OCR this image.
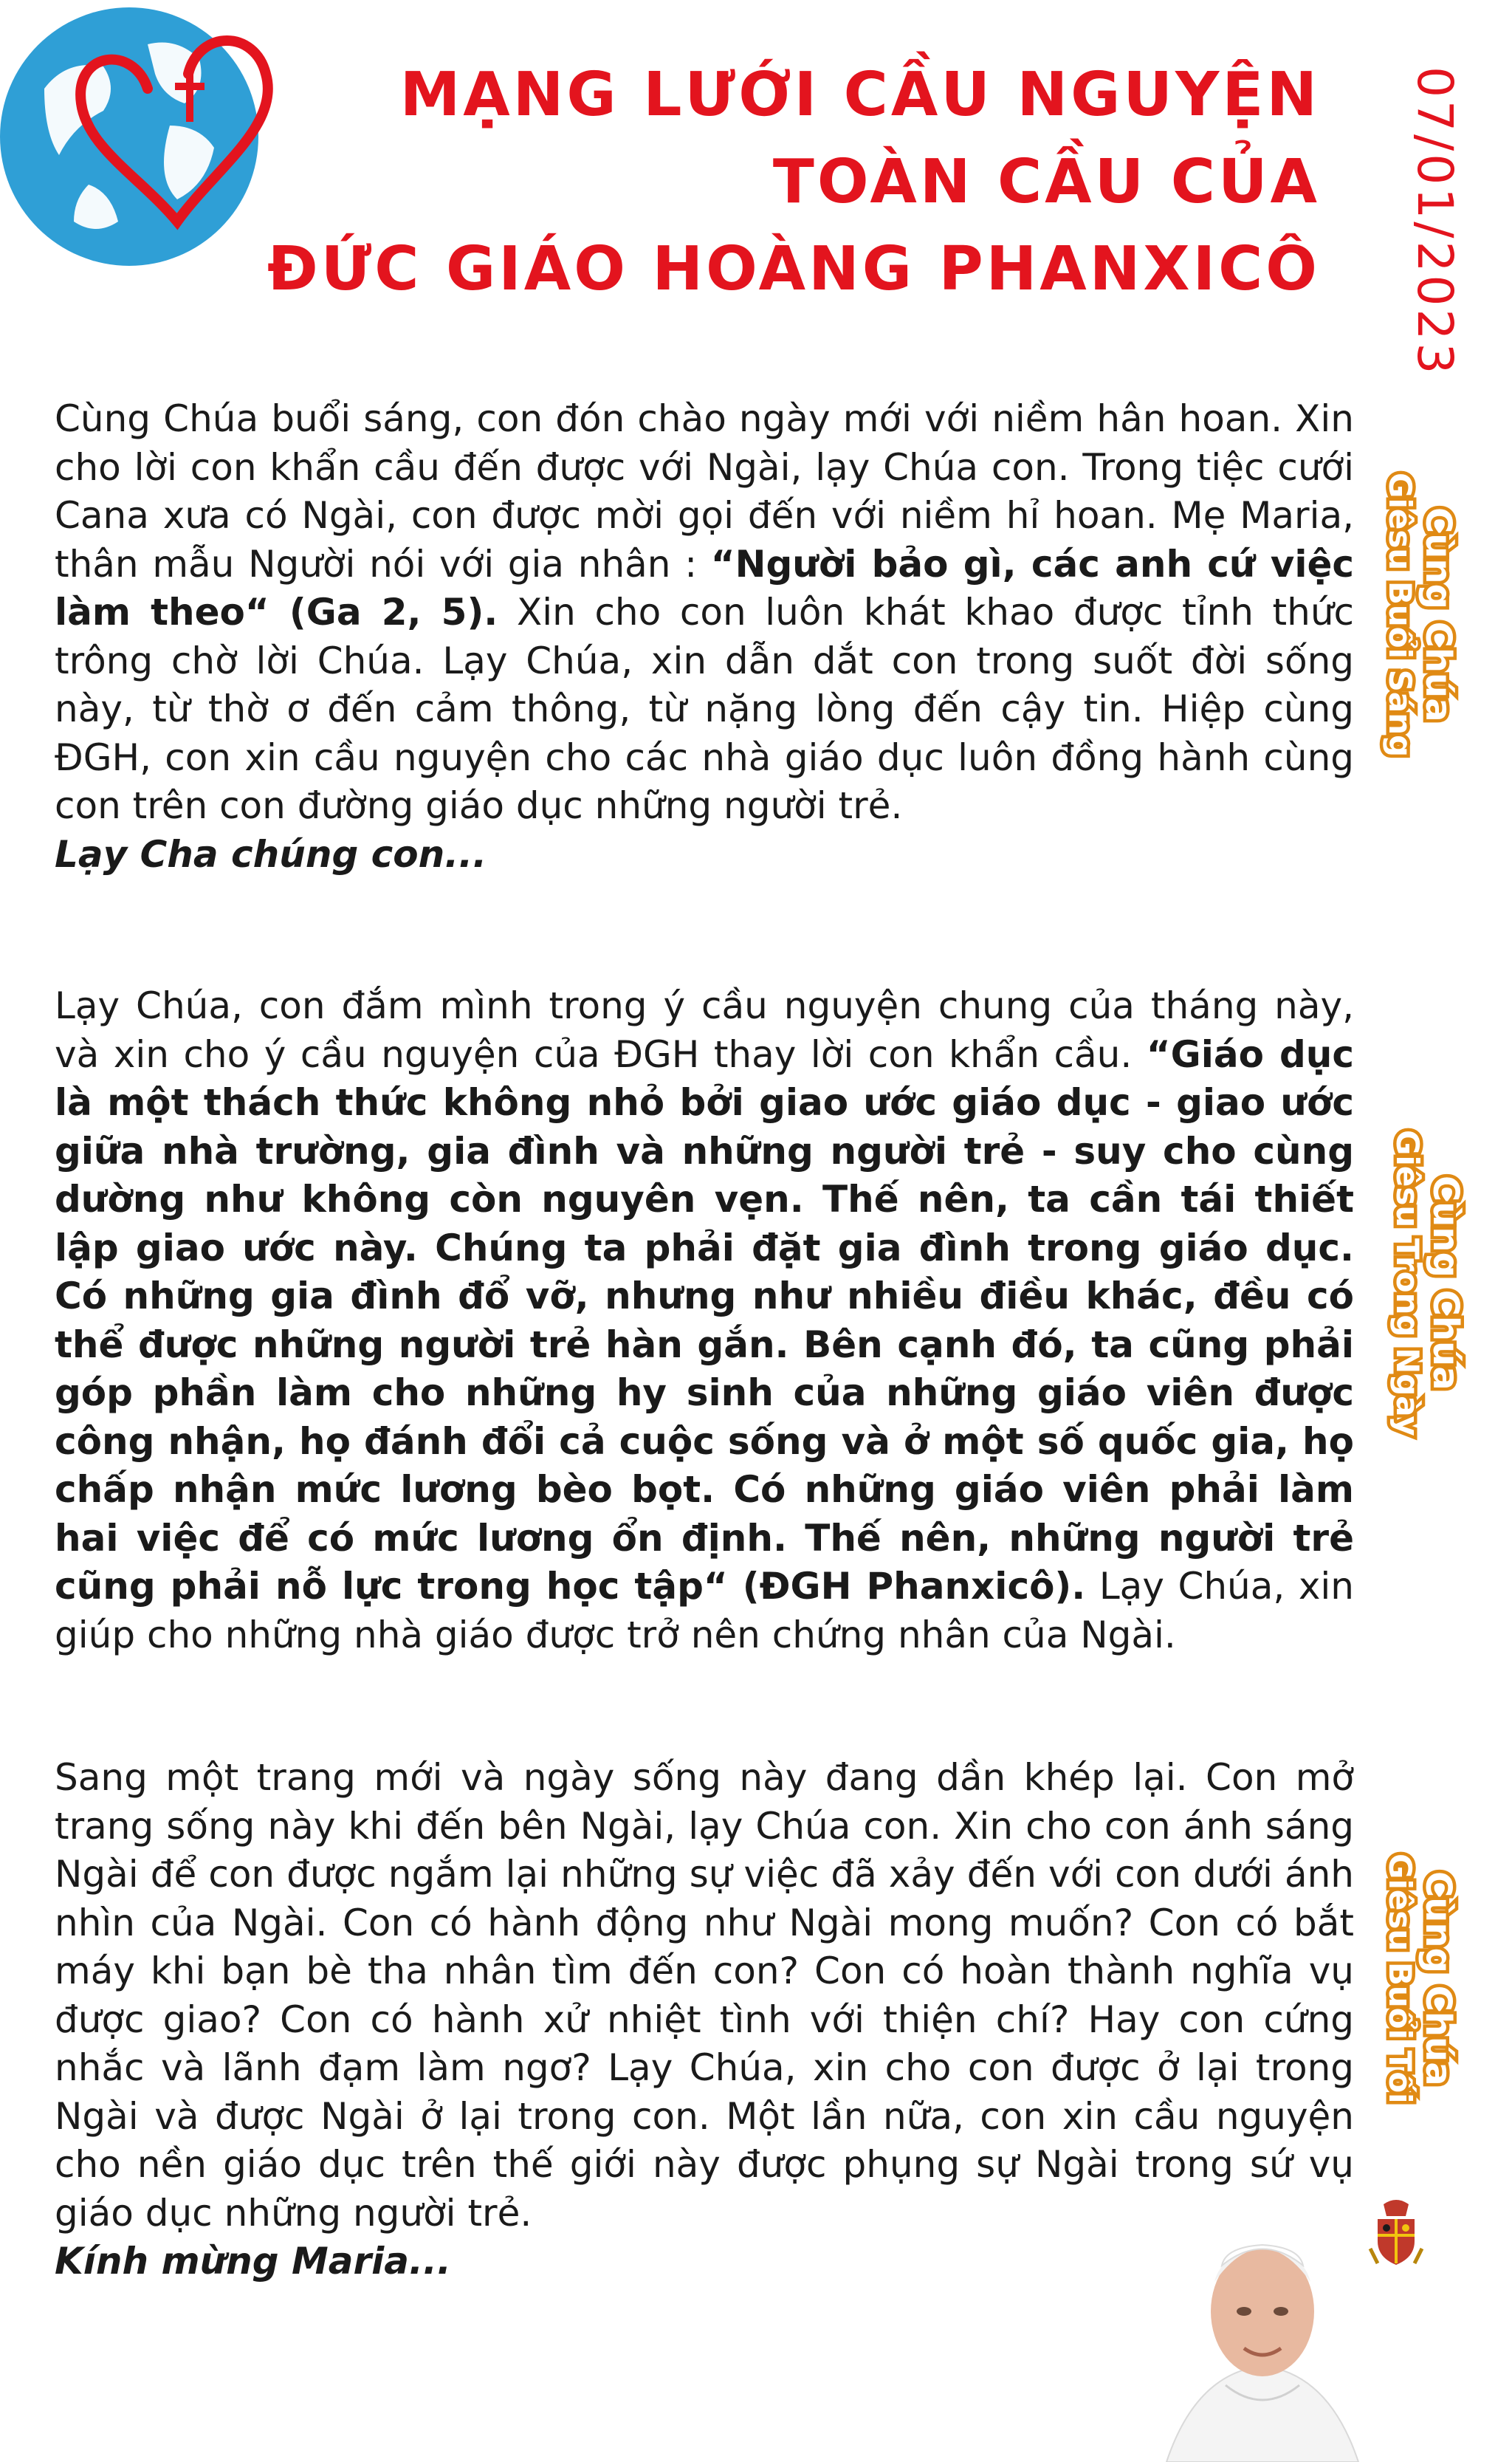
MẠNG LƯỚI CẦU NGUYỆN
TOÀN CẦU CỦA
ĐỨC GIÁO HOÀNG PHANXICÔ 07/01/2023
Cùng Chúa buổi sáng, con đón chào ngày mới với niềm hân hoan. Xin cho lời con khẩn cầu đến được với Ngài, lạy Chúa con. Trong tiệc cưới Cana xưa có Ngài, con được mời gọi đến với niềm hỉ hoan. Mẹ Maria, thân mẫu Người nói với gia nhân : “Người bảo gì, các anh cứ việc làm theo“ (Ga 2, 5). Xin cho con luôn khát khao được tỉnh thức trông chờ lời Chúa. Lạy Chúa, xin dẫn dắt con trong suốt đời sống này, từ thờ ơ đến cảm thông, từ nặng lòng đến cậy tin. Hiệp cùng ĐGH, con xin cầu nguyện cho các nhà giáo dục luôn đồng hành cùng con trên con đường giáo dục những người trẻ.
Lạy Cha chúng con...
Cùng Chúa
Giêsu Buổi Sáng
Lạy Chúa, con đắm mình trong ý cầu nguyện chung của tháng này, và xin cho ý cầu nguyện của ĐGH thay lời con khẩn cầu. “Giáo dục là một thách thức không nhỏ bởi giao ước giáo dục - giao ước giữa nhà trường, gia đình và những người trẻ - suy cho cùng dường như không còn nguyên vẹn. Thế nên, ta cần tái thiết lập giao ước này. Chúng ta phải đặt gia đình trong giáo dục. Có những gia đình đổ vỡ, nhưng như nhiều điều khác, đều có thể được những người trẻ hàn gắn. Bên cạnh đó, ta cũng phải góp phần làm cho những hy sinh của những giáo viên được công nhận, họ đánh đổi cả cuộc sống và ở một số quốc gia, họ chấp nhận mức lương bèo bọt. Có những giáo viên phải làm hai việc để có mức lương ổn định. Thế nên, những người trẻ cũng phải nỗ lực trong học tập“ (ĐGH Phanxicô). Lạy Chúa, xin giúp cho những nhà giáo được trở nên chứng nhân của Ngài.
Cùng Chúa
Giêsu Trong Ngày
Sang một trang mới và ngày sống này đang dần khép lại. Con mở trang sống này khi đến bên Ngài, lạy Chúa con. Xin cho con ánh sáng Ngài để con được ngắm lại những sự việc đã xảy đến với con dưới ánh nhìn của Ngài. Con có hành động như Ngài mong muốn? Con có bắt máy khi bạn bè tha nhân tìm đến con? Con có hoàn thành nghĩa vụ được giao? Con có hành xử nhiệt tình với thiện chí? Hay con cứng nhắc và lãnh đạm làm ngơ? Lạy Chúa, xin cho con được ở lại trong Ngài và được Ngài ở lại trong con. Một lần nữa, con xin cầu nguyện cho nền giáo dục trên thế giới này được phụng sự Ngài trong sứ vụ giáo dục những người trẻ.
Kính mừng Maria...
Cùng Chúa
Giêsu Buổi Tối
